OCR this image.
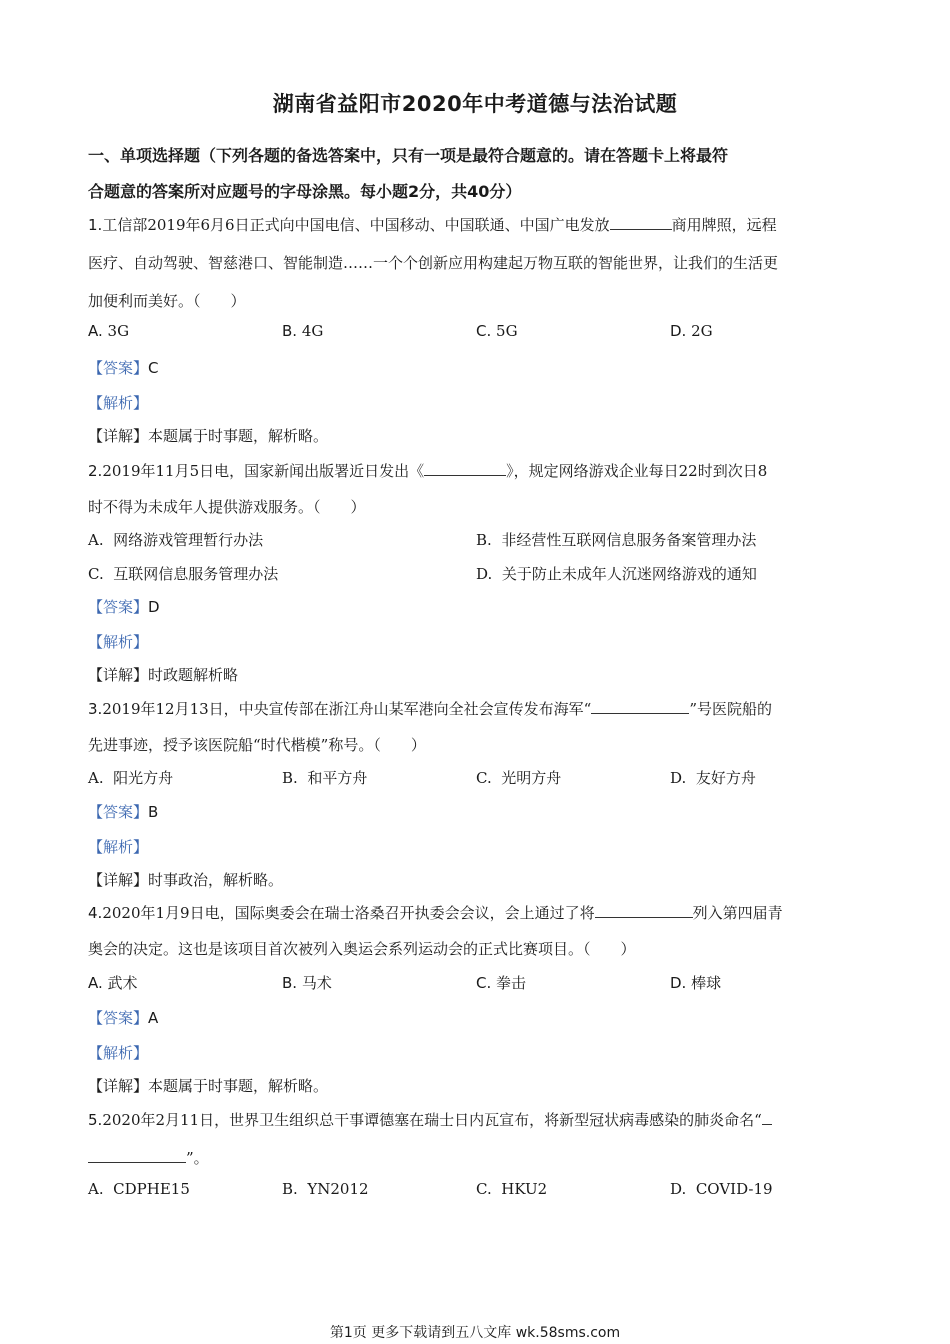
湖南省益阳市2020年中考道德与法治试题
一、单项选择题（下列各题的备选答案中，只有一项是最符合题意的。请在答题卡上将最符
合题意的答案所对应题号的字母涂黑。每小题2分，共40分）
1.工信部2019年6月6日正式向中国电信、中国移动、中国联通、中国广电发放	商用牌照，远程
医疗、自动驾驶、智慈港口、智能制造……一个个创新应用构建起万物互联的智能世界，让我们的生活更
加便利而美好。（　　）
A. 3G	B. 4G	C. 5G	D. 2G
【答案】C
【解析】
【详解】本题属于时事题，解析略。
2.2019年11月5日电，国家新闻出版署近日发出《	》，规定网络游戏企业每日22时到次日8
时不得为未成年人提供游戏服务。（　　）
A. 网络游戏管理暂行办法	B. 非经营性互联网信息服务备案管理办法
C. 互联网信息服务管理办法	D. 关于防止未成年人沉迷网络游戏的通知
【答案】D
【解析】
【详解】时政题解析略
3.2019年12月13日，中央宣传部在浙江舟山某军港向全社会宣传发布海军“	”号医院船的
先进事迹，授予该医院船“时代楷模”称号。（　　）
A. 阳光方舟	B. 和平方舟	C. 光明方舟	D. 友好方舟
【答案】B
【解析】
【详解】时事政治，解析略。
4.2020年1月9日电，国际奥委会在瑞士洛桑召开执委会会议，会上通过了将	列入第四届青
奥会的决定。这也是该项目首次被列入奥运会系列运动会的正式比赛项目。（　　）
A. 武术	B. 马术	C. 拳击	D. 棒球
【答案】A
【解析】
【详解】本题属于时事题，解析略。
5.2020年2月11日，世界卫生组织总干事谭德塞在瑞士日内瓦宣布，将新型冠状病毒感染的肺炎命名“
”。
A. CDPHE15	B. YN2012	C. HKU2	D. COVID-19
第1页 更多下载请到五八文库 wk.58sms.com
